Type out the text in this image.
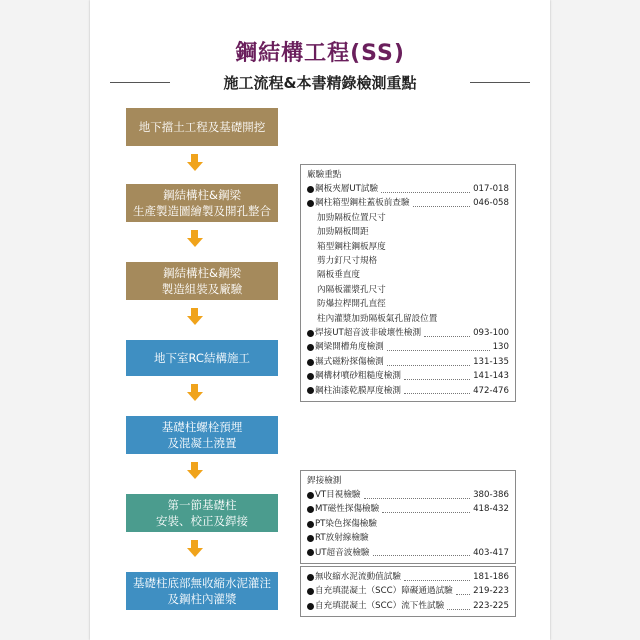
鋼結構工程(SS)
施工流程&本書精錄檢測重點
地下擋土工程及基礎開挖
鋼結構柱&鋼梁
生產製造圖繪製及開孔整合
鋼結構柱&鋼梁
製造組裝及廠驗
地下室RC結構施工
基礎柱螺栓預埋
及混凝土澆置
第一節基礎柱
安裝、校正及銲接
基礎柱底部無收縮水泥灌注
及鋼柱內灌漿
廠驗重點
鋼板夾層UT試驗	017-018
鋼柱箱型鋼柱蓋板前查驗	046-058
加勁隔板位置尺寸
加勁隔板間距
箱型鋼柱鋼板厚度
剪力釘尺寸規格
隔板垂直度
內隔板灌漿孔尺寸
防爆拉桿開孔直徑
柱內灌漿加勁隔板氣孔留設位置
焊接UT超音波非破壞性檢測	093-100
鋼梁開槽角度檢測	130
濕式磁粉探傷檢測	131-135
鋼構材噴砂粗糙度檢測	141-143
鋼柱油漆乾膜厚度檢測	472-476
銲接檢測
VT目視檢驗	380-386
MT磁性探傷檢驗	418-432
PT染色探傷檢驗
RT放射線檢驗
UT超音波檢驗	403-417
無收縮水泥流動值試驗	181-186
自充填混凝土（SCC）障礙通過試驗 219-223
自充填混凝土（SCC）流下性試驗	223-225
